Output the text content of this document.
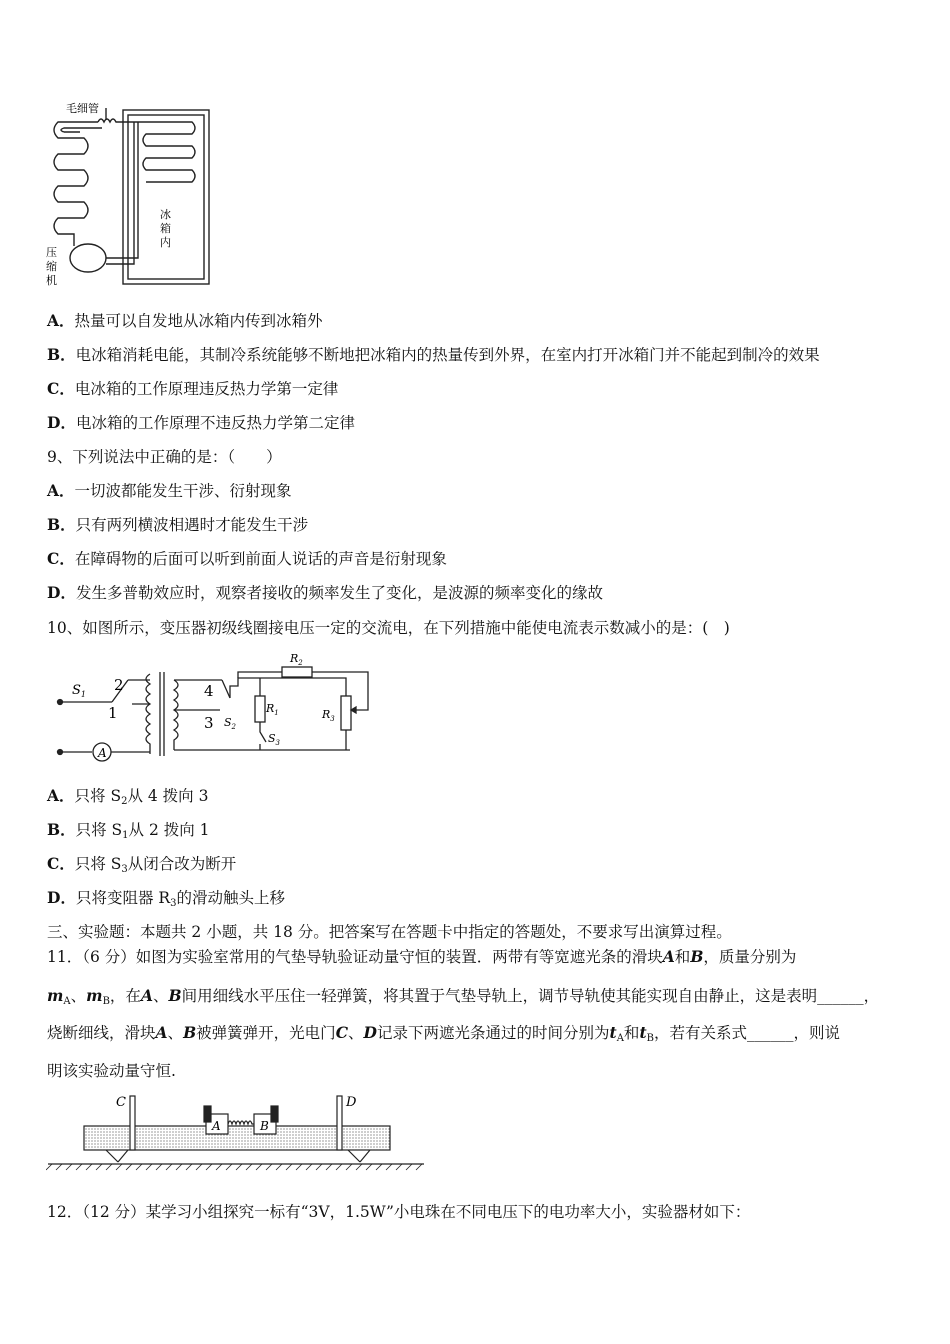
毛细管
冰
箱
内
压
缩
机
A．热量可以自发地从冰箱内传到冰箱外
B．电冰箱消耗电能，其制冷系统能够不断地把冰箱内的热量传到外界，在室内打开冰箱门并不能起到制冷的效果
C．电冰箱的工作原理违反热力学第一定律
D．电冰箱的工作原理不违反热力学第二定律
9、下列说法中正确的是：（　　）
A．一切波都能发生干涉、衍射现象
B．只有两列横波相遇时才能发生干涉
C．在障碍物的后面可以听到前面人说话的声音是衍射现象
D．发生多普勒效应时，观察者接收的频率发生了变化，是波源的频率变化的缘故
10、如图所示，变压器初级线圈接电压一定的交流电，在下列措施中能使电流表示数减小的是：(　)
$S_1$
2
1
A
4
3 $S_2$
$R_1$
$S_3$
$R_2$
$R_3$
A．只将 $S_2$从 4 拨向 3
B．只将 $S_1$从 2 拨向 1
C．只将 $S_3$从闭合改为断开
D．只将变阻器 $R_3$的滑动触头上移
三、实验题：本题共 2 小题，共 18 分。把答案写在答题卡中指定的答题处，不要求写出演算过程。
11．（6 分）如图为实验室常用的气垫导轨验证动量守恒的装置．两带有等宽遮光条的滑块A和B，质量分别为
$m_A$、$m_B$，在A、B间用细线水平压住一轻弹簧，将其置于气垫导轨上，调节导轨使其能实现自由静止，这是表明______，
烧断细线，滑块A、B被弹簧弹开，光电门C、D记录下两遮光条通过的时间分别为$t_A$和$t_B$，若有关系式______，则说
明该实验动量守恒.
C	D
A	B
12．（12 分）某学习小组探究一标有“3V，1.5W”小电珠在不同电压下的电功率大小，实验器材如下：
